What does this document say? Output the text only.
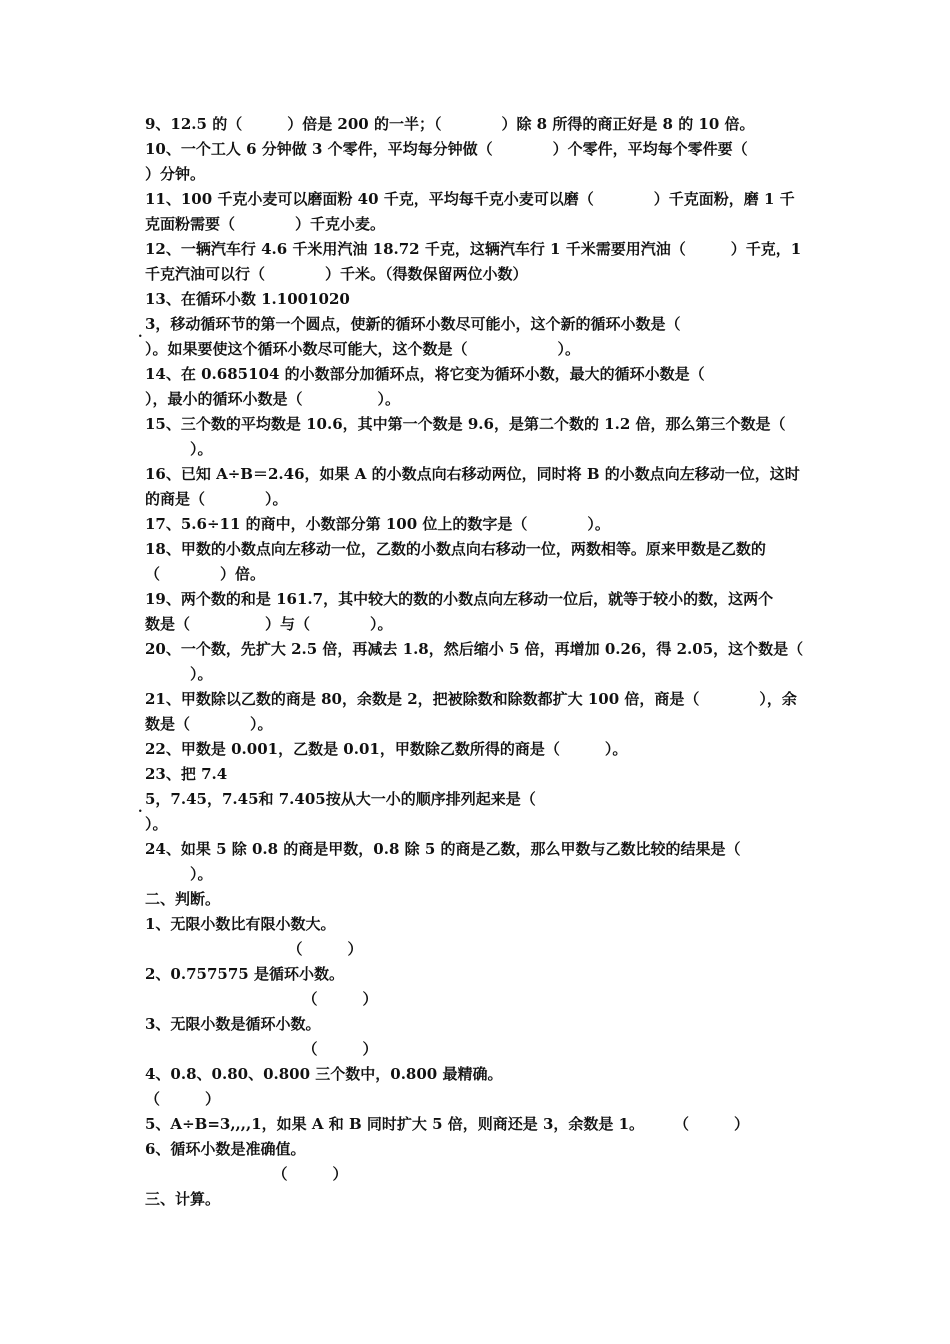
9、12.5 的（　　　）倍是 200 的一半；（　　　　）除 8 所得的商正好是 8 的 10 倍。
10、一个工人 6 分钟做 3 个零件，平均每分钟做（　　　　）个零件，平均每个零件要（
）分钟。
11、100 千克小麦可以磨面粉 40 千克，平均每千克小麦可以磨（　　　　）千克面粉，磨 1 千
克面粉需要（　　　　）千克小麦。
12、一辆汽车行 4.6 千米用汽油 18.72 千克，这辆汽车行 1 千米需要用汽油（　　　）千克，1
千克汽油可以行（　　　　）千米。（得数保留两位小数）
13、在循环小数 1.1001020
3，移动循环节的第一个圆点，使新的循环小数尽可能小，这个新的循环小数是（
）。如果要使这个循环小数尽可能大，这个数是（　　　　　　）。
14、在 0.685104 的小数部分加循环点，将它变为循环小数，最大的循环小数是（
），最小的循环小数是（　　　　　）。
15、三个数的平均数是 10.6，其中第一个数是 9.6，是第二个数的 1.2 倍，那么第三个数是（
　　　）。
16、已知 A÷B＝2.46，如果 A 的小数点向右移动两位，同时将 B 的小数点向左移动一位，这时
的商是（　　　　）。
17、5.6÷11 的商中，小数部分第 100 位上的数字是（　　　　）。
18、甲数的小数点向左移动一位，乙数的小数点向右移动一位，两数相等。原来甲数是乙数的
（　　　　）倍。
19、两个数的和是 161.7，其中较大的数的小数点向左移动一位后，就等于较小的数，这两个
数是（　　　　　）与（　　　　）。
20、一个数，先扩大 2.5 倍，再减去 1.8，然后缩小 5 倍，再增加 0.26，得 2.05，这个数是（
　　　）。
21、甲数除以乙数的商是 80，余数是 2，把被除数和除数都扩大 100 倍，商是（　　　　），余
数是（　　　　）。
22、甲数是 0.001，乙数是 0.01，甲数除乙数所得的商是（　　　）。
23、把 7.4
5，7.45，7.45和 7.405按从大一小的顺序排列起来是（
）。
24、如果 5 除 0.8 的商是甲数，0.8 除 5 的商是乙数，那么甲数与乙数比较的结果是（
　　　）。
二、判断。
1、无限小数比有限小数大。
　　　　　　　　　　（　　　）
2、0.757575 是循环小数。
　　　　　　　　　　　（　　　）
3、无限小数是循环小数。
　　　　　　　　　　　（　　　）
4、0.8、0.80、0.800 三个数中，0.800 最精确。
（　　　）
5、A÷B=3,,,,1，如果 A 和 B 同时扩大 5 倍，则商还是 3，余数是 1。　　　（　　　）
6、循环小数是准确值。
　　　　　　　　　（　　　）
三、计算。
.
.
